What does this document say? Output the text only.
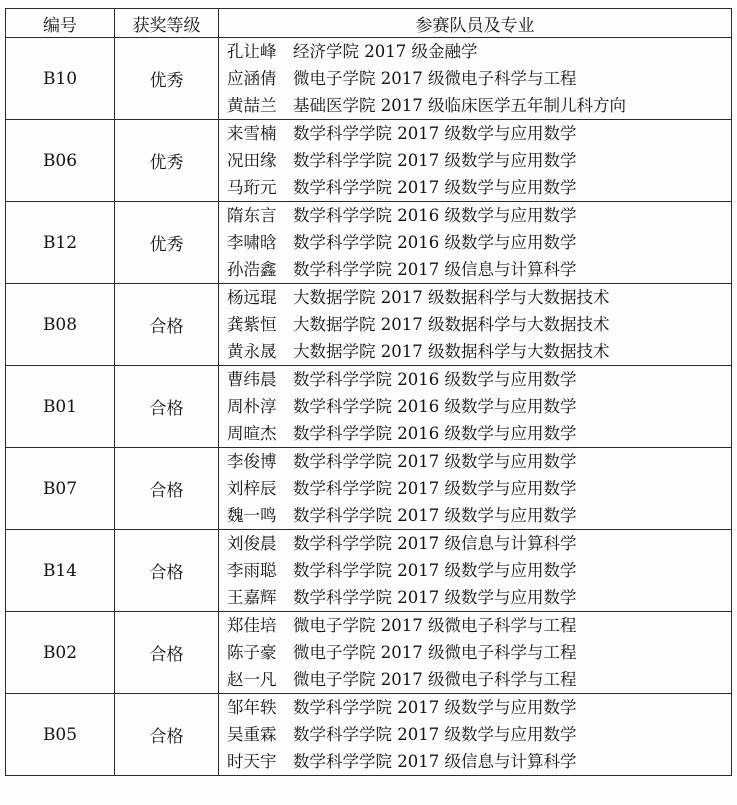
编号	获奖等级	参赛队员及专业
B10	优秀	孔让峰 经济学院 2017 级金融学
应涵倩 微电子学院 2017 级微电子科学与工程
黄喆兰 基础医学院 2017 级临床医学五年制儿科方向

B06	优秀	来雪楠 数学科学学院 2017 级数学与应用数学
况田缘 数学科学学院 2017 级数学与应用数学
马珩元 数学科学学院 2017 级数学与应用数学

B12	优秀	隋东言 数学科学学院 2016 级数学与应用数学
李啸晗 数学科学学院 2016 级数学与应用数学
孙浩鑫 数学科学学院 2017 级信息与计算科学

B08	合格	杨远琨 大数据学院 2017 级数据科学与大数据技术
龚紫恒 大数据学院 2017 级数据科学与大数据技术
黄永晟 大数据学院 2017 级数据科学与大数据技术

B01	合格	曹纬晨 数学科学学院 2016 级数学与应用数学
周朴淳 数学科学学院 2016 级数学与应用数学
周暄杰 数学科学学院 2016 级数学与应用数学

B07	合格	李俊博 数学科学学院 2017 级数学与应用数学
刘梓辰 数学科学学院 2017 级数学与应用数学
魏一鸣 数学科学学院 2017 级数学与应用数学

B14	合格	刘俊晨 数学科学学院 2017 级信息与计算科学
李雨聪 数学科学学院 2017 级数学与应用数学
王嘉辉 数学科学学院 2017 级数学与应用数学

B02	合格	郑佳培 微电子学院 2017 级微电子科学与工程
陈子豪 微电子学院 2017 级微电子科学与工程
赵一凡 微电子学院 2017 级微电子科学与工程

B05	合格	邹年轶 数学科学学院 2017 级数学与应用数学
吴重霖 数学科学学院 2017 级数学与应用数学
时天宇 数学科学学院 2017 级信息与计算科学
